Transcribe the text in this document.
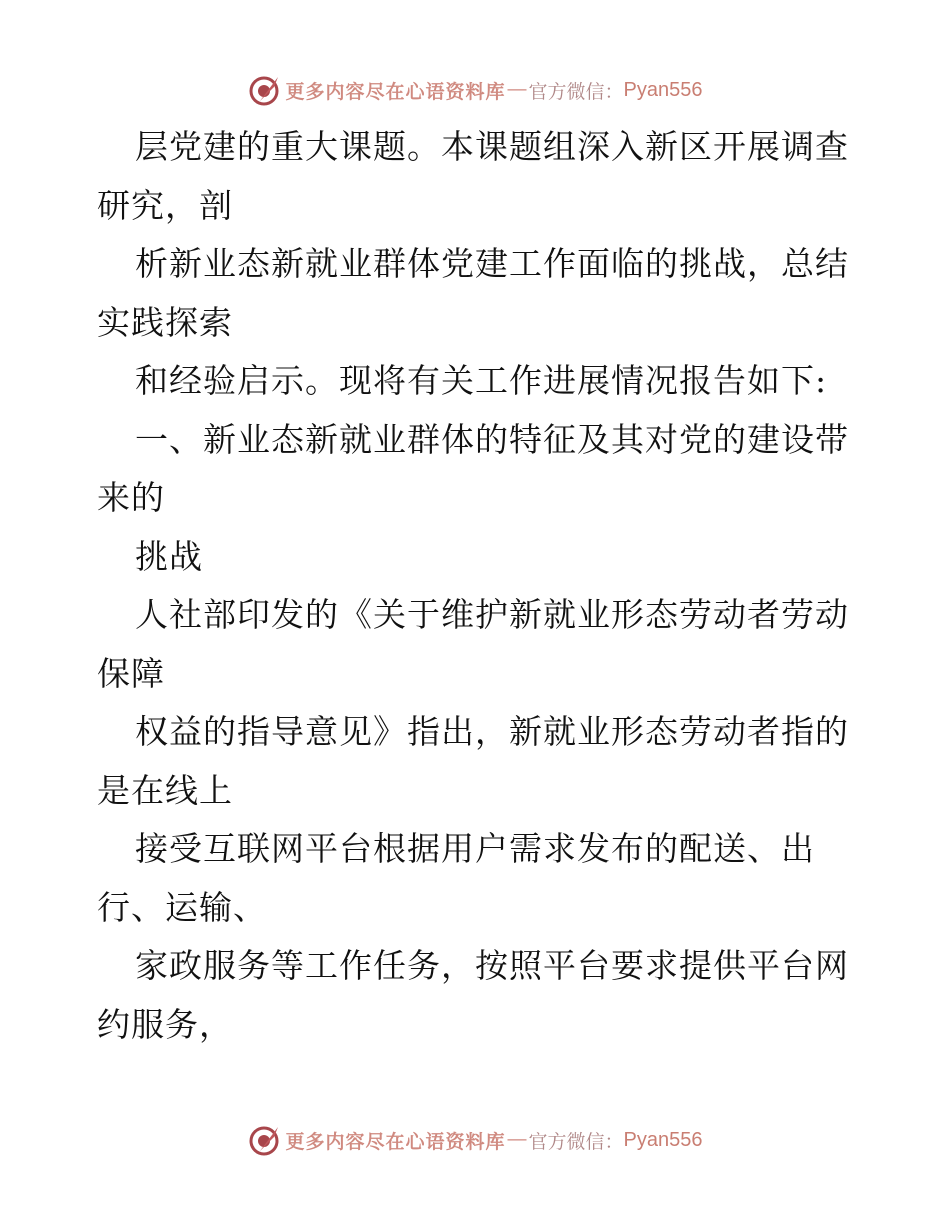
更多内容尽在心语资料库 — 官方微信： Pyan556
层党建的重大课题。本课题组深入新区开展调查
研究，剖
析新业态新就业群体党建工作面临的挑战，总结
实践探索
和经验启示。现将有关工作进展情况报告如下:
一、新业态新就业群体的特征及其对党的建设带
来的
挑战
人社部印发的《关于维护新就业形态劳动者劳动
保障
权益的指导意见》指出，新就业形态劳动者指的
是在线上
接受互联网平台根据用户需求发布的配送、出
行、运输、
家政服务等工作任务，按照平台要求提供平台网
约服务，
更多内容尽在心语资料库 — 官方微信： Pyan556
